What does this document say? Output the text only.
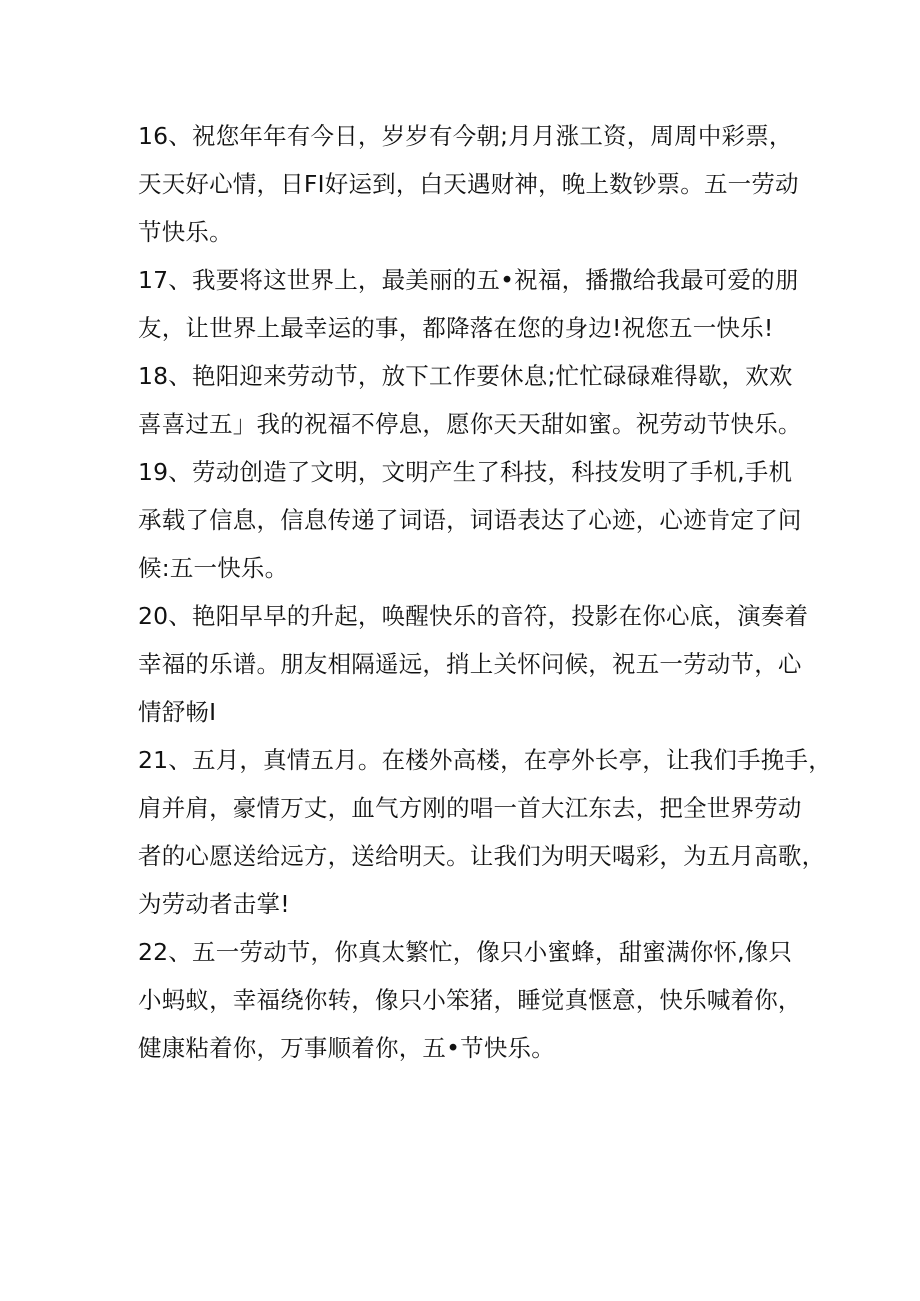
16、祝您年年有今日，岁岁有今朝;月月涨工资，周周中彩票，
天天好心情，日FI好运到，白天遇财神，晚上数钞票。五一劳动
节快乐。
17、我要将这世界上，最美丽的五•祝福，播撒给我最可爱的朋
友，让世界上最幸运的事，都降落在您的身边!祝您五一快乐!
18、艳阳迎来劳动节，放下工作要休息;忙忙碌碌难得歇，欢欢
喜喜过五」我的祝福不停息，愿你天天甜如蜜。祝劳动节快乐。
19、劳动创造了文明，文明产生了科技，科技发明了手机,手机
承载了信息，信息传递了词语，词语表达了心迹，心迹肯定了问
候:五一快乐。
20、艳阳早早的升起，唤醒快乐的音符，投影在你心底，演奏着
幸福的乐谱。朋友相隔遥远，捎上关怀问候，祝五一劳动节，心
情舒畅I
21、五月，真情五月。在楼外高楼，在亭外长亭，让我们手挽手，
肩并肩，豪情万丈，血气方刚的唱一首大江东去，把全世界劳动
者的心愿送给远方，送给明天。让我们为明天喝彩，为五月高歌，
为劳动者击掌!
22、五一劳动节，你真太繁忙，像只小蜜蜂，甜蜜满你怀,像只
小蚂蚁，幸福绕你转，像只小笨猪，睡觉真惬意，快乐喊着你，
健康粘着你，万事顺着你，五•节快乐。
